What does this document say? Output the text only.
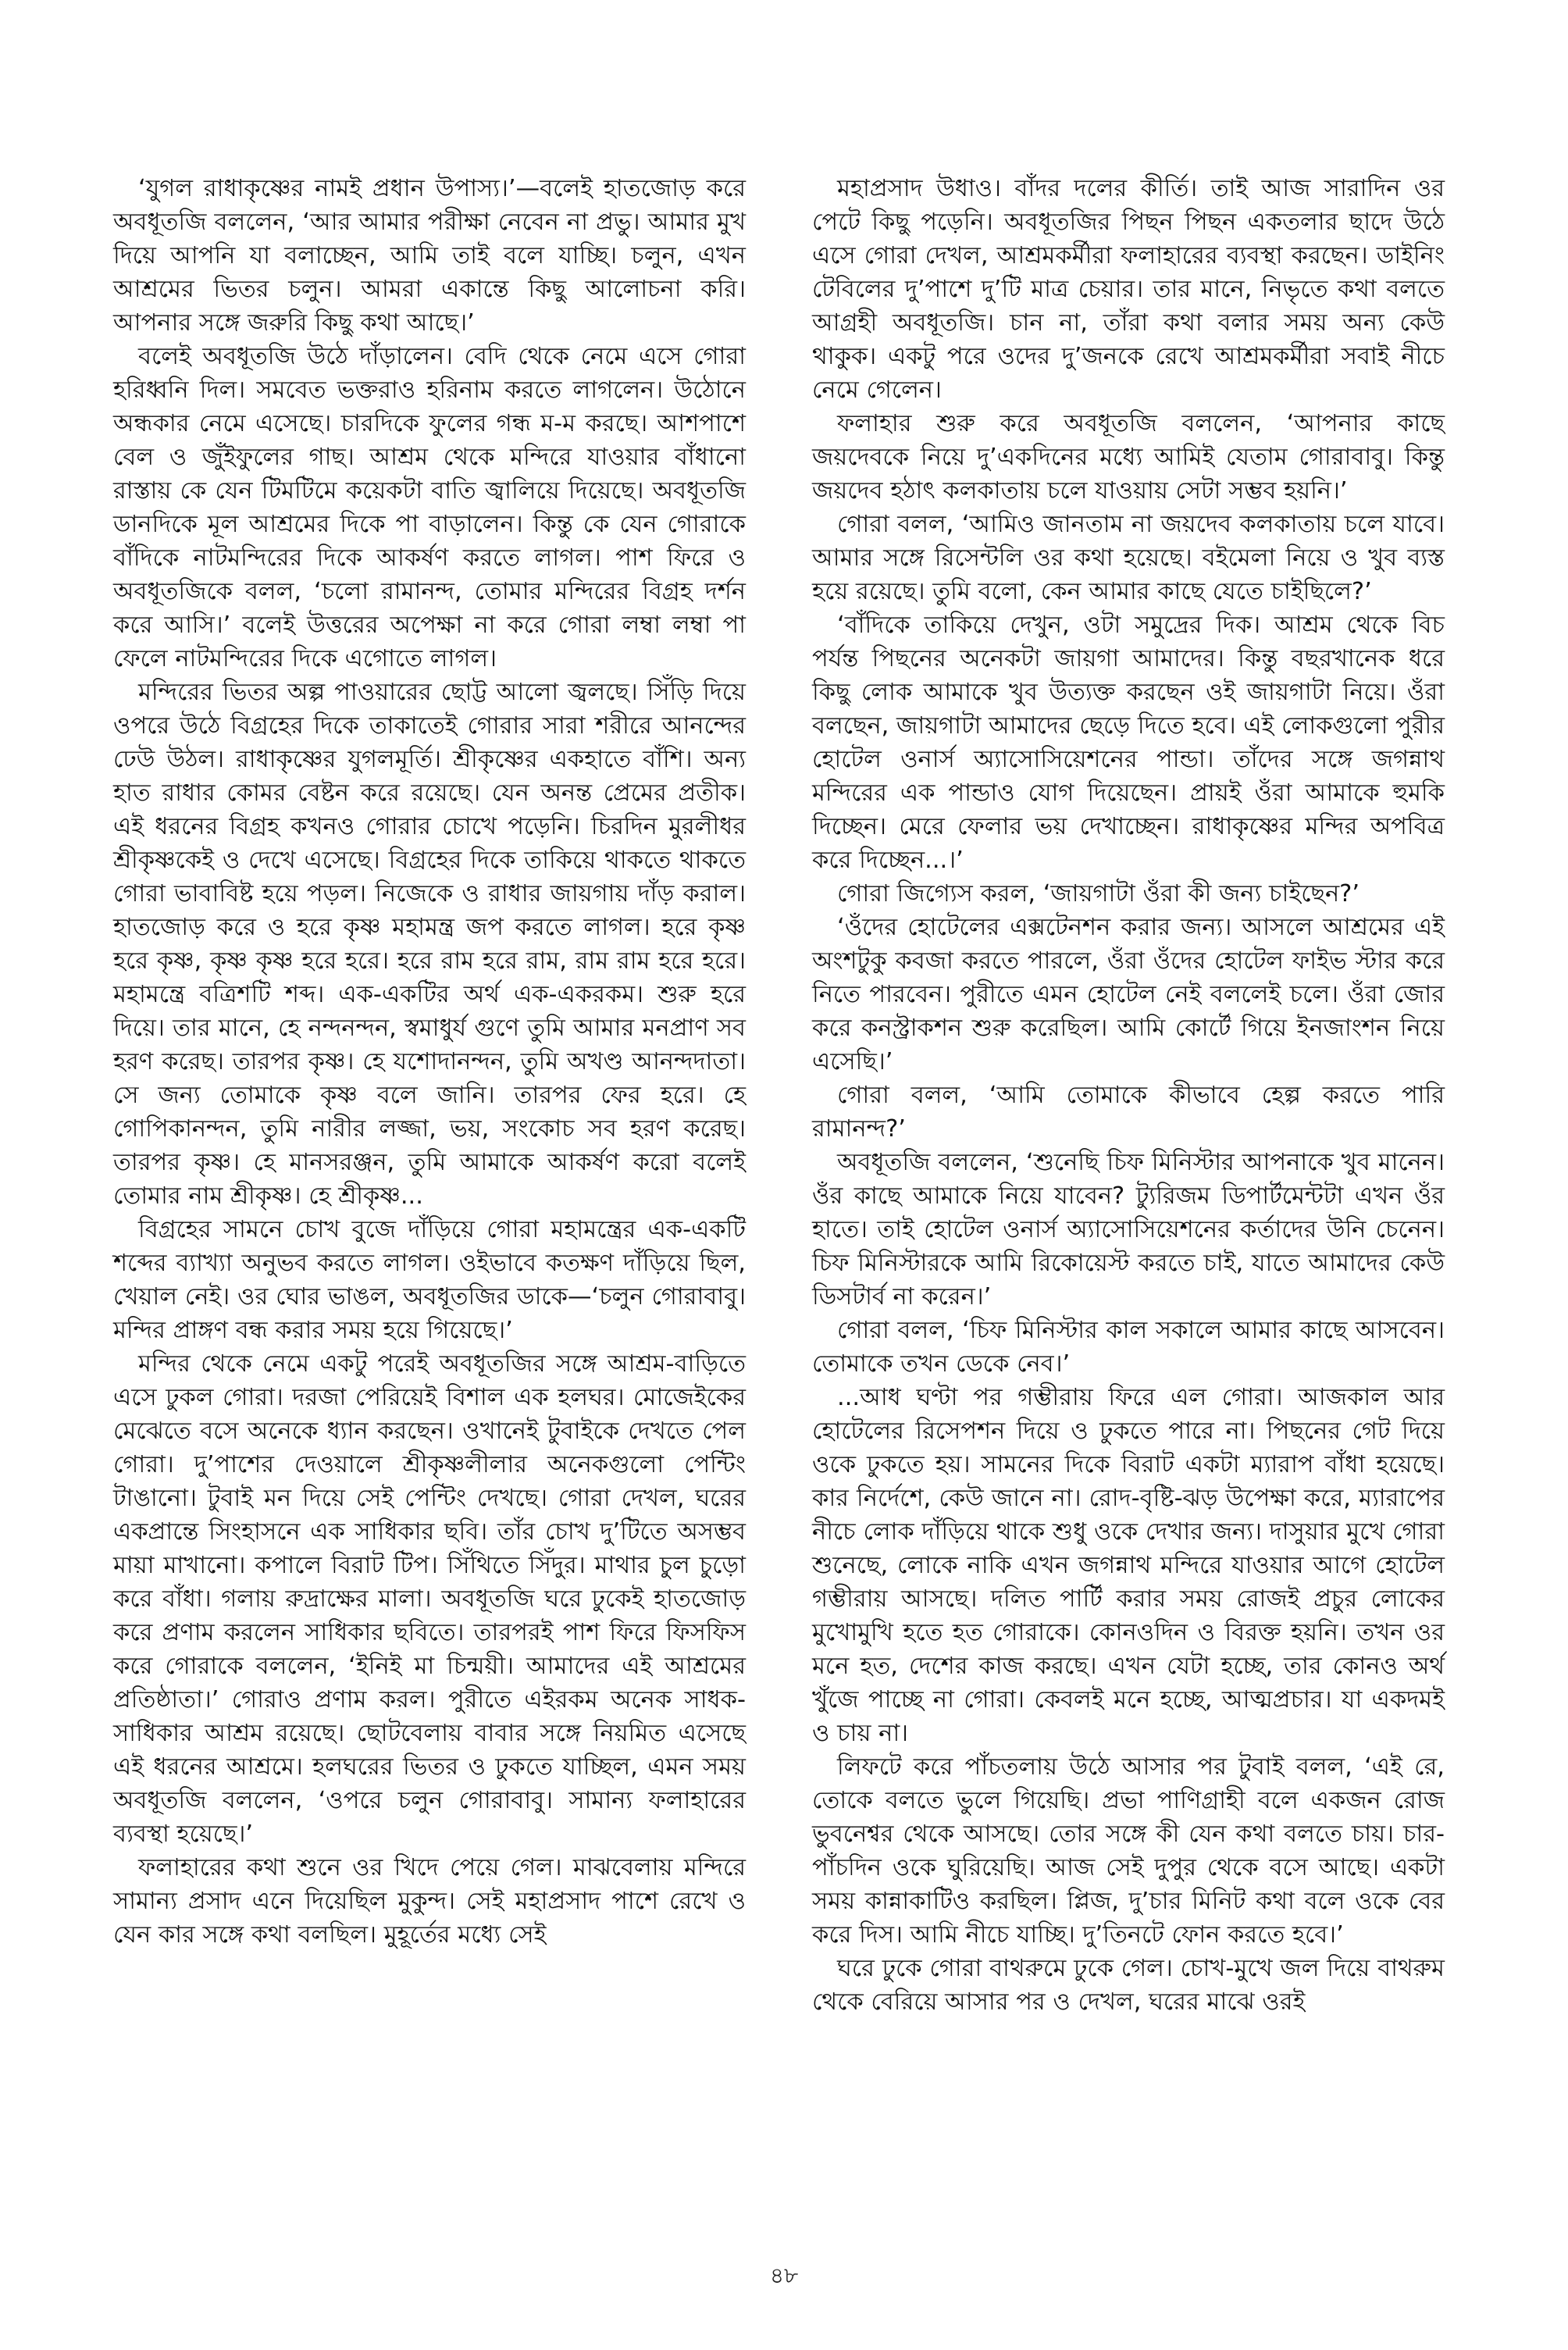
‘যুগল রাধাকৃষ্ণের নামই প্রধান উপাস্য।’—বলেই হাতজোড় করে অবধূতজি বললেন, ‘আর আমার পরীক্ষা নেবেন না প্রভু। আমার মুখ দিয়ে আপনি যা বলাচ্ছেন, আমি তাই বলে যাচ্ছি। চলুন, এখন আশ্রমের ভিতর চলুন। আমরা একান্তে কিছু আলোচনা করি। আপনার সঙ্গে জরুরি কিছু কথা আছে।’

বলেই অবধূতজি উঠে দাঁড়ালেন। বেদি থেকে নেমে এসে গোরা হরিধ্বনি দিল। সমবেত ভক্তরাও হরিনাম করতে লাগলেন। উঠোনে অন্ধকার নেমে এসেছে। চারদিকে ফুলের গন্ধ ম-ম করছে। আশপাশে বেল ও জুঁইফুলের গাছ। আশ্রম থেকে মন্দিরে যাওয়ার বাঁধানো রাস্তায় কে যেন টিমটিমে কয়েকটা বাতি জ্বালিয়ে দিয়েছে। অবধূতজি ডানদিকে মূল আশ্রমের দিকে পা বাড়ালেন। কিন্তু কে যেন গোরাকে বাঁদিকে নাটমন্দিরের দিকে আকর্ষণ করতে লাগল। পাশ ফিরে ও অবধূতজিকে বলল, ‘চলো রামানন্দ, তোমার মন্দিরের বিগ্রহ দর্শন করে আসি।’ বলেই উত্তরের অপেক্ষা না করে গোরা লম্বা লম্বা পা ফেলে নাটমন্দিরের দিকে এগোতে লাগল।

মন্দিরের ভিতর অল্প পাওয়ারের ছোট্ট আলো জ্বলছে। সিঁড়ি দিয়ে ওপরে উঠে বিগ্রহের দিকে তাকাতেই গোরার সারা শরীরে আনন্দের ঢেউ উঠল। রাধাকৃষ্ণের যুগলমূর্তি। শ্রীকৃষ্ণের একহাতে বাঁশি। অন্য হাত রাধার কোমর বেষ্টন করে রয়েছে। যেন অনন্ত প্রেমের প্রতীক। এই ধরনের বিগ্রহ কখনও গোরার চোখে পড়েনি। চিরদিন মুরলীধর শ্রীকৃষ্ণকেই ও দেখে এসেছে। বিগ্রহের দিকে তাকিয়ে থাকতে থাকতে গোরা ভাবাবিষ্ট হয়ে পড়ল। নিজেকে ও রাধার জায়গায় দাঁড় করাল। হাতজোড় করে ও হরে কৃষ্ণ মহামন্ত্র জপ করতে লাগল। হরে কৃষ্ণ হরে কৃষ্ণ, কৃষ্ণ কৃষ্ণ হরে হরে। হরে রাম হরে রাম, রাম রাম হরে হরে। মহামন্ত্রে বত্রিশটি শব্দ। এক-একটির অর্থ এক-একরকম। শুরু হরে দিয়ে। তার মানে, হে নন্দনন্দন, স্বমাধুর্য গুণে তুমি আমার মনপ্রাণ সব হরণ করেছ। তারপর কৃষ্ণ। হে যশোদানন্দন, তুমি অখণ্ড আনন্দদাতা। সে জন্য তোমাকে কৃষ্ণ বলে জানি। তারপর ফের হরে। হে গোপিকানন্দন, তুমি নারীর লজ্জা, ভয়, সংকোচ সব হরণ করেছ। তারপর কৃষ্ণ। হে মানসরঞ্জন, তুমি আমাকে আকর্ষণ করো বলেই তোমার নাম শ্রীকৃষ্ণ। হে শ্রীকৃষ্ণ...

বিগ্রহের সামনে চোখ বুজে দাঁড়িয়ে গোরা মহামন্ত্রের এক-একটি শব্দের ব্যাখ্যা অনুভব করতে লাগল। ওইভাবে কতক্ষণ দাঁড়িয়ে ছিল, খেয়াল নেই। ওর ঘোর ভাঙল, অবধূতজির ডাকে—‘চলুন গোরাবাবু। মন্দির প্রাঙ্গণ বন্ধ করার সময় হয়ে গিয়েছে।’

মন্দির থেকে নেমে একটু পরেই অবধূতজির সঙ্গে আশ্রম-বাড়িতে এসে ঢুকল গোরা। দরজা পেরিয়েই বিশাল এক হলঘর। মোজেইকের মেঝেতে বসে অনেকে ধ্যান করছেন। ওখানেই টুবাইকে দেখতে পেল গোরা। দু’পাশের দেওয়ালে শ্রীকৃষ্ণলীলার অনেকগুলো পেন্টিং টাঙানো। টুবাই মন দিয়ে সেই পেন্টিং দেখছে। গোরা দেখল, ঘরের একপ্রান্তে সিংহাসনে এক সাধিকার ছবি। তাঁর চোখ দু’টিতে অসম্ভব মায়া মাখানো। কপালে বিরাট টিপ। সিঁথিতে সিঁদুর। মাথার চুল চুড়ো করে বাঁধা। গলায় রুদ্রাক্ষের মালা। অবধূতজি ঘরে ঢুকেই হাতজোড় করে প্রণাম করলেন সাধিকার ছবিতে। তারপরই পাশ ফিরে ফিসফিস করে গোরাকে বললেন, ‘ইনিই মা চিন্ময়ী। আমাদের এই আশ্রমের প্রতিষ্ঠাতা।’ গোরাও প্রণাম করল। পুরীতে এইরকম অনেক সাধক-সাধিকার আশ্রম রয়েছে। ছোটবেলায় বাবার সঙ্গে নিয়মিত এসেছে এই ধরনের আশ্রমে। হলঘরের ভিতর ও ঢুকতে যাচ্ছিল, এমন সময় অবধূতজি বললেন, ‘ওপরে চলুন গোরাবাবু। সামান্য ফলাহারের ব্যবস্থা হয়েছে।’

ফলাহারের কথা শুনে ওর খিদে পেয়ে গেল। মাঝবেলায় মন্দিরে সামান্য প্রসাদ এনে দিয়েছিল মুকুন্দ। সেই মহাপ্রসাদ পাশে রেখে ও যেন কার সঙ্গে কথা বলছিল। মুহূর্তের মধ্যে সেই

মহাপ্রসাদ উধাও। বাঁদর দলের কীর্তি। তাই আজ সারাদিন ওর পেটে কিছু পড়েনি। অবধূতজির পিছন পিছন একতলার ছাদে উঠে এসে গোরা দেখল, আশ্রমকর্মীরা ফলাহারের ব্যবস্থা করছেন। ডাইনিং টেবিলের দু’পাশে দু’টি মাত্র চেয়ার। তার মানে, নিভৃতে কথা বলতে আগ্রহী অবধূতজি। চান না, তাঁরা কথা বলার সময় অন্য কেউ থাকুক। একটু পরে ওদের দু’জনকে রেখে আশ্রমকর্মীরা সবাই নীচে নেমে গেলেন।

ফলাহার শুরু করে অবধূতজি বললেন, ‘আপনার কাছে জয়দেবকে নিয়ে দু’একদিনের মধ্যে আমিই যেতাম গোরাবাবু। কিন্তু জয়দেব হঠাৎ কলকাতায় চলে যাওয়ায় সেটা সম্ভব হয়নি।’

গোরা বলল, ‘আমিও জানতাম না জয়দেব কলকাতায় চলে যাবে। আমার সঙ্গে রিসেন্টলি ওর কথা হয়েছে। বইমেলা নিয়ে ও খুব ব্যস্ত হয়ে রয়েছে। তুমি বলো, কেন আমার কাছে যেতে চাইছিলে?’

‘বাঁদিকে তাকিয়ে দেখুন, ওটা সমুদ্রের দিক। আশ্রম থেকে বিচ পর্যন্ত পিছনের অনেকটা জায়গা আমাদের। কিন্তু বছরখানেক ধরে কিছু লোক আমাকে খুব উত্যক্ত করছেন ওই জায়গাটা নিয়ে। ওঁরা বলছেন, জায়গাটা আমাদের ছেড়ে দিতে হবে। এই লোকগুলো পুরীর হোটেল ওনার্স অ্যাসোসিয়েশনের পান্ডা। তাঁদের সঙ্গে জগন্নাথ মন্দিরের এক পান্ডাও যোগ দিয়েছেন। প্রায়ই ওঁরা আমাকে হুমকি দিচ্ছেন। মেরে ফেলার ভয় দেখাচ্ছেন। রাধাকৃষ্ণের মন্দির অপবিত্র করে দিচ্ছেন...।’

গোরা জিগ্যেস করল, ‘জায়গাটা ওঁরা কী জন্য চাইছেন?’

‘ওঁদের হোটেলের এক্সটেনশন করার জন্য। আসলে আশ্রমের এই অংশটুকু কবজা করতে পারলে, ওঁরা ওঁদের হোটেল ফাইভ স্টার করে নিতে পারবেন। পুরীতে এমন হোটেল নেই বললেই চলে। ওঁরা জোর করে কনস্ট্রাকশন শুরু করেছিল। আমি কোর্টে গিয়ে ইনজাংশন নিয়ে এসেছি।’

গোরা বলল, ‘আমি তোমাকে কীভাবে হেল্প করতে পারি রামানন্দ?’

অবধূতজি বললেন, ‘শুনেছি চিফ মিনিস্টার আপনাকে খুব মানেন। ওঁর কাছে আমাকে নিয়ে যাবেন? ট্যুরিজম ডিপার্টমেন্টটা এখন ওঁর হাতে। তাই হোটেল ওনার্স অ্যাসোসিয়েশনের কর্তাদের উনি চেনেন। চিফ মিনিস্টারকে আমি রিকোয়েস্ট করতে চাই, যাতে আমাদের কেউ ডিসটার্ব না করেন।’

গোরা বলল, ‘চিফ মিনিস্টার কাল সকালে আমার কাছে আসবেন। তোমাকে তখন ডেকে নেব।’

...আধ ঘণ্টা পর গম্ভীরায় ফিরে এল গোরা। আজকাল আর হোটেলের রিসেপশন দিয়ে ও ঢুকতে পারে না। পিছনের গেট দিয়ে ওকে ঢুকতে হয়। সামনের দিকে বিরাট একটা ম্যারাপ বাঁধা হয়েছে। কার নির্দেশে, কেউ জানে না। রোদ-বৃষ্টি-ঝড় উপেক্ষা করে, ম্যারাপের নীচে লোক দাঁড়িয়ে থাকে শুধু ওকে দেখার জন্য। দাসুয়ার মুখে গোরা শুনেছে, লোকে নাকি এখন জগন্নাথ মন্দিরে যাওয়ার আগে হোটেল গম্ভীরায় আসছে। দলিত পার্টি করার সময় রোজই প্রচুর লোকের মুখোমুখি হতে হত গোরাকে। কোনওদিন ও বিরক্ত হয়নি। তখন ওর মনে হত, দেশের কাজ করছে। এখন যেটা হচ্ছে, তার কোনও অর্থ খুঁজে পাচ্ছে না গোরা। কেবলই মনে হচ্ছে, আত্মপ্রচার। যা একদমই ও চায় না।

লিফটে করে পাঁচতলায় উঠে আসার পর টুবাই বলল, ‘এই রে, তোকে বলতে ভুলে গিয়েছি। প্রভা পাণিগ্রাহী বলে একজন রোজ ভুবনেশ্বর থেকে আসছে। তোর সঙ্গে কী যেন কথা বলতে চায়। চার-পাঁচদিন ওকে ঘুরিয়েছি। আজ সেই দুপুর থেকে বসে আছে। একটা সময় কান্নাকাটিও করছিল। প্লিজ, দু’চার মিনিট কথা বলে ওকে বের করে দিস। আমি নীচে যাচ্ছি। দু’তিনটে ফোন করতে হবে।’

ঘরে ঢুকে গোরা বাথরুমে ঢুকে গেল। চোখ-মুখে জল দিয়ে বাথরুম থেকে বেরিয়ে আসার পর ও দেখল, ঘরের মাঝে ওরই

৪৮
